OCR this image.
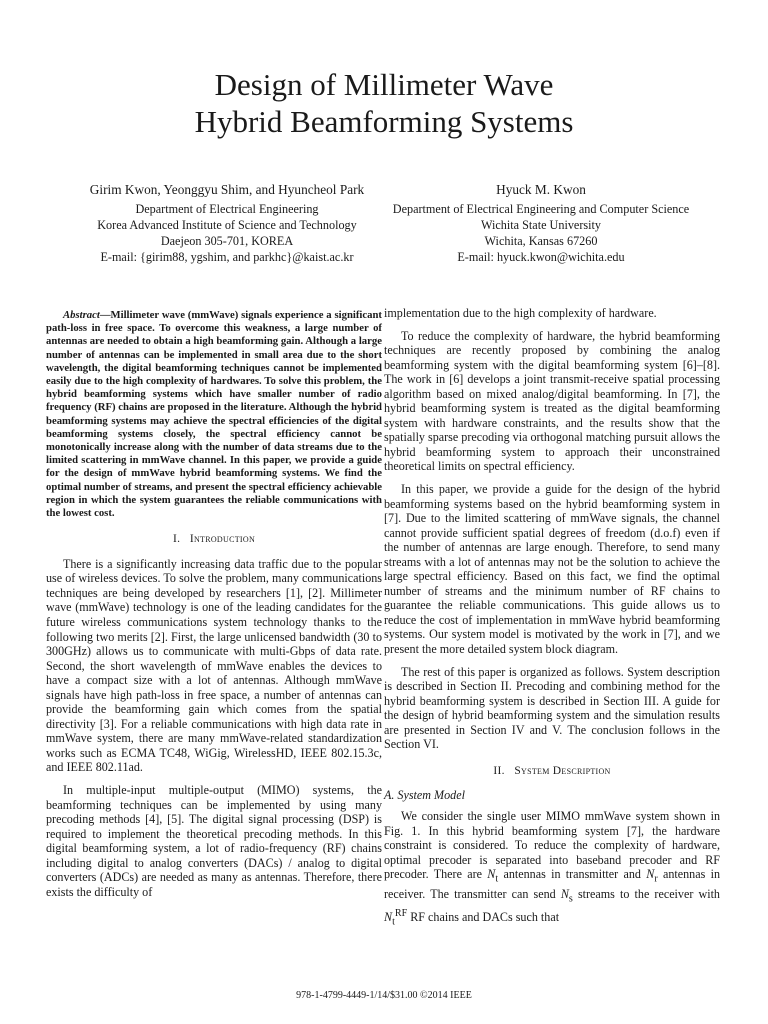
Design of Millimeter Wave
Hybrid Beamforming Systems
Girim Kwon, Yeonggyu Shim, and Hyuncheol Park
Department of Electrical Engineering
Korea Advanced Institute of Science and Technology
Daejeon 305-701, KOREA
E-mail: {girim88, ygshim, and parkhc}@kaist.ac.kr
Hyuck M. Kwon
Department of Electrical Engineering and Computer Science
Wichita State University
Wichita, Kansas 67260
E-mail: hyuck.kwon@wichita.edu

Abstract—Millimeter wave (mmWave) signals experience a significant path-loss in free space. To overcome this weakness, a large number of antennas are needed to obtain a high beamforming gain. Although a large number of antennas can be implemented in small area due to the short wavelength, the digital beamforming techniques cannot be implemented easily due to the high complexity of hardwares. To solve this problem, the hybrid beamforming systems which have smaller number of radio frequency (RF) chains are proposed in the literature. Although the hybrid beamforming systems may achieve the spectral efficiencies of the digital beamforming systems closely, the spectral efficiency cannot be monotonically increase along with the number of data streams due to the limited scattering in mmWave channel. In this paper, we provide a guide for the design of mmWave hybrid beamforming systems. We find the optimal number of streams, and present the spectral efficiency achievable region in which the system guarantees the reliable communications with the lowest cost.

I. Introduction

There is a significantly increasing data traffic due to the popular use of wireless devices. To solve the problem, many communications techniques are being developed by researchers [1], [2]. Millimeter wave (mmWave) technology is one of the leading candidates for the future wireless communications system technology thanks to the following two merits [2]. First, the large unlicensed bandwidth (30 to 300GHz) allows us to communicate with multi-Gbps of data rate. Second, the short wavelength of mmWave enables the devices to have a compact size with a lot of antennas. Although mmWave signals have high path-loss in free space, a number of antennas can provide the beamforming gain which comes from the spatial directivity [3]. For a reliable communications with high data rate in mmWave system, there are many mmWave-related standardization works such as ECMA TC48, WiGig, WirelessHD, IEEE 802.15.3c, and IEEE 802.11ad.

In multiple-input multiple-output (MIMO) systems, the beamforming techniques can be implemented by using many precoding methods [4], [5]. The digital signal processing (DSP) is required to implement the theoretical precoding methods. In this digital beamforming system, a lot of radio-frequency (RF) chains including digital to analog converters (DACs) / analog to digital converters (ADCs) are needed as many as antennas. Therefore, there exists the difficulty of

implementation due to the high complexity of hardware.

To reduce the complexity of hardware, the hybrid beamforming techniques are recently proposed by combining the analog beamforming system with the digital beamforming system [6]–[8]. The work in [6] develops a joint transmit-receive spatial processing algorithm based on mixed analog/digital beamforming. In [7], the hybrid beamforming system is treated as the digital beamforming system with hardware constraints, and the results show that the spatially sparse precoding via orthogonal matching pursuit allows the hybrid beamforming system to approach their unconstrained theoretical limits on spectral efficiency.

In this paper, we provide a guide for the design of the hybrid beamforming systems based on the hybrid beamforming system in [7]. Due to the limited scattering of mmWave signals, the channel cannot provide sufficient spatial degrees of freedom (d.o.f) even if the number of antennas are large enough. Therefore, to send many streams with a lot of antennas may not be the solution to achieve the large spectral efficiency. Based on this fact, we find the optimal number of streams and the minimum number of RF chains to guarantee the reliable communications. This guide allows us to reduce the cost of implementation in mmWave hybrid beamforming systems. Our system model is motivated by the work in [7], and we present the more detailed system block diagram.

The rest of this paper is organized as follows. System description is described in Section II. Precoding and combining method for the hybrid beamforming system is described in Section III. A guide for the design of hybrid beamforming system and the simulation results are presented in Section IV and V. The conclusion follows in the Section VI.

II. System Description

A. System Model

We consider the single user MIMO mmWave system shown in Fig. 1. In this hybrid beamforming system [7], the hardware constraint is considered. To reduce the complexity of hardware, optimal precoder is separated into baseband precoder and RF precoder. There are $N_t$ antennas in transmitter and $N_r$ antennas in receiver. The transmitter can send $N_s$ streams to the receiver with $N_t^{RF}$ RF chains and DACs such that

978-1-4799-4449-1/14/$31.00 ©2014 IEEE
